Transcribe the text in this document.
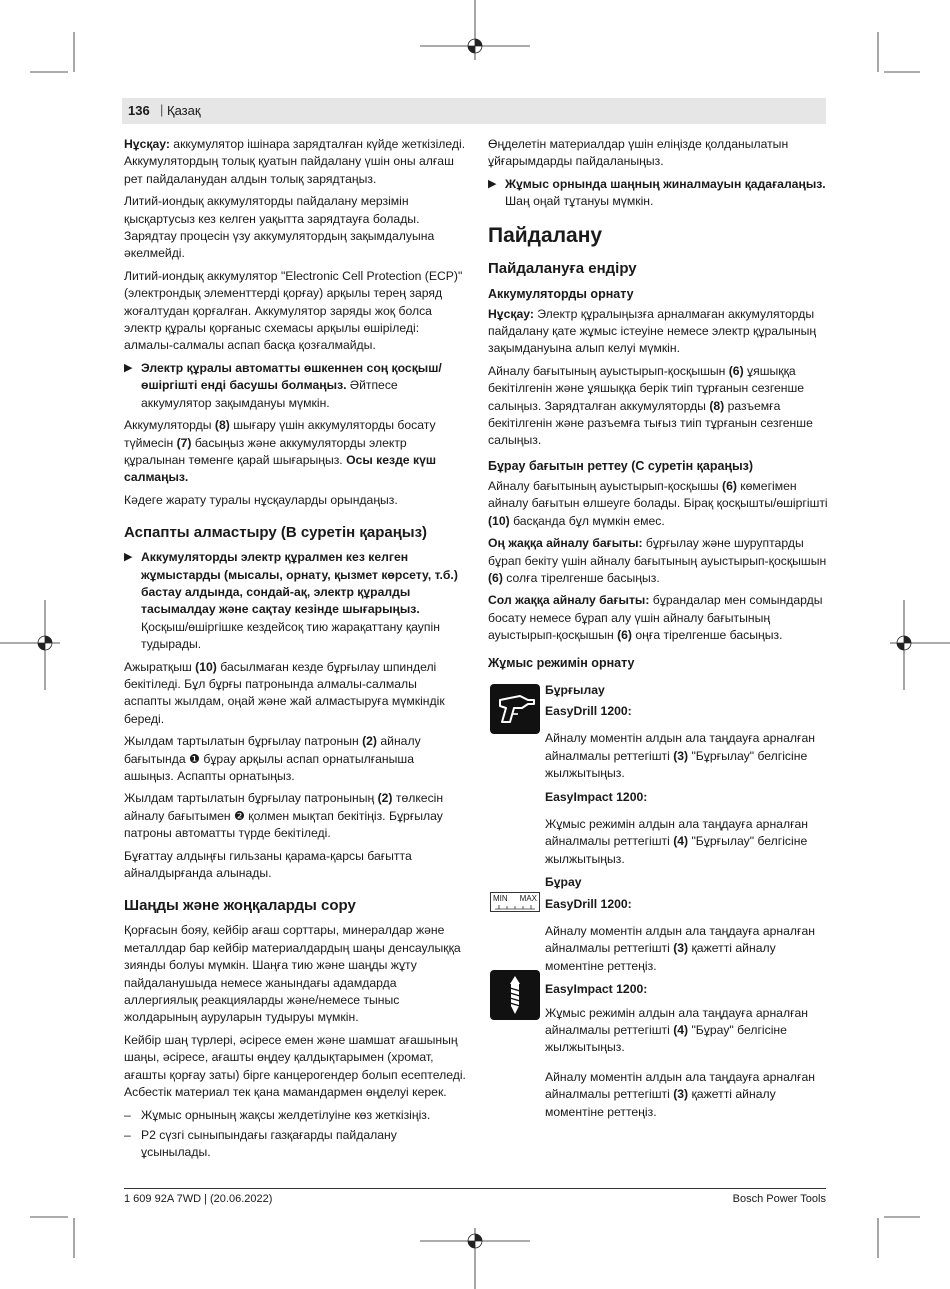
136 | Қазақ

Нұсқау: аккумулятор ішінара зарядталған күйде жеткізіледі. Аккумулятордың толық қуатын пайдалану үшін оны алғаш рет пайдаланудан алдын толық зарядтаңыз.

Литий-иондық аккумуляторды пайдалану мерзімін қысқартусыз кез келген уақытта зарядтауға болады. Зарядтау процесін үзу аккумулятордың зақымдалуына әкелмейді.

Литий-иондық аккумулятор "Electronic Cell Protection (ECP)" (электрондық элементтерді қорғау) арқылы терең заряд жоғалтудан қорғалған. Аккумулятор заряды жоқ болса электр құралы қорғаныс схемасы арқылы өшіріледі: алмалы-салмалы аспап басқа қозғалмайды.

▶ Электр құралы автоматты өшкеннен соң қосқыш/өшіргішті енді басушы болмаңыз. Әйтпесе аккумулятор зақымдануы мүмкін.

Аккумуляторды (8) шығару үшін аккумуляторды босату түймесін (7) басыңыз және аккумуляторды электр құралынан төменге қарай шығарыңыз. Осы кезде күш салмаңыз.

Кәдеге жарату туралы нұсқауларды орындаңыз.

Аспапты алмастыру (B суретін қараңыз)
▶ Аккумуляторды электр құралмен кез келген жұмыстарды (мысалы, орнату, қызмет көрсету, т.б.) бастау алдында, сондай-ақ, электр құралды тасымалдау және сақтау кезінде шығарыңыз. Қосқыш/өшіргішке кездейсоқ тию жарақаттану қаупін тудырады.

Ажыратқыш (10) басылмаған кезде бұрғылау шпинделі бекітіледі. Бұл бұрғы патронында алмалы-салмалы аспапты жылдам, оңай және жай алмастыруға мүмкіндік береді.

Жылдам тартылатын бұрғылау патронын (2) айналу бағытында ❶ бұрау арқылы аспап орнатылғаныша ашыңыз. Аспапты орнатыңыз.

Жылдам тартылатын бұрғылау патронының (2) төлкесін айналу бағытымен ❷ қолмен мықтап бекітіңіз. Бұрғылау патроны автоматты түрде бекітіледі.

Бұғаттау алдыңғы гильзаны қарама-қарсы бағытта айналдырғанда алынады.

Шаңды және жоңқаларды сору

Қорғасын бояу, кейбір ағаш сорттары, минералдар және металлдар бар кейбір материалдардың шаңы денсаулыққа зиянды болуы мүмкін. Шаңға тию және шаңды жұту пайдаланушыда немесе жанындағы адамдарда аллергиялық реакцияларды және/немесе тыныс жолдарының ауруларын тудыруы мүмкін.

Кейбір шаң түрлері, әсіресе емен және шамшат ағашының шаңы, әсіресе, ағашты өңдеу қалдықтарымен (хромат, ағашты қорғау заты) бірге канцерогендер болып есептеледі. Асбестік материал тек қана мамандармен өңделуі керек.

– Жұмыс орнының жақсы желдетілуіне көз жеткізіңіз.
– Р2 сүзгі сыныпындағы газқағарды пайдалану ұсынылады.

Өңделетін материалдар үшін еліңізде қолданылатын ұйғарымдарды пайдаланыңыз.

▶ Жұмыс орнында шаңның жиналмауын қадағалаңыз. Шаң оңай тұтануы мүмкін.
Пайдалану
Пайдалануға ендіру
Аккумуляторды орнату

Нұсқау: Электр құралыңызға арналмаған аккумуляторды пайдалану қате жұмыс істеуіне немесе электр құралының зақымдануына алып келуі мүмкін.

Айналу бағытының ауыстырып-қосқышын (6) ұяшыққа бекітілгенін және ұяшыққа берік тиіп тұрғанын сезгенше салыңыз. Зарядталған аккумуляторды (8) разъемға бекітілгенін және разъемға тығыз тиіп тұрғанын сезгенше салыңыз.

Бұрау бағытын реттеу (C суретін қараңыз)

Айналу бағытының ауыстырып-қосқышы (6) көмегімен айналу бағытын өлшеуге болады. Бірақ қосқышты/өшіргішті (10) басқанда бұл мүмкін емес.

Оң жаққа айналу бағыты: бұрғылау және шуруптарды бұрап бекіту үшін айналу бағытының ауыстырып-қосқышын (6) солға тірелгенше басыңыз.

Сол жаққа айналу бағыты: бұрандалар мен сомындарды босату немесе бұрап алу үшін айналу бағытының ауыстырып-қосқышын (6) оңға тірелгенше басыңыз.

Жұмыс режимін орнату
Бұрғылау
EasyDrill 1200:
Айналу моментін алдын ала таңдауға арналған айналмалы реттегішті (3) "Бұрғылау" белгісіне жылжытыңыз.
EasyImpact 1200:
Жұмыс режимін алдын ала таңдауға арналған айналмалы реттегішті (4) "Бұрғылау" белгісіне жылжытыңыз.
MIN MAX
Бұрау
EasyDrill 1200:
Айналу моментін алдын ала таңдауға арналған айналмалы реттегішті (3) қажетті айналу моментіне реттеңіз.
EasyImpact 1200:
Жұмыс режимін алдын ала таңдауға арналған айналмалы реттегішті (4) "Бұрау" белгісіне жылжытыңыз.
Айналу моментін алдын ала таңдауға арналған айналмалы реттегішті (3) қажетті айналу моментіне реттеңіз.
1 609 92A 7WD | (20.06.2022)	Bosch Power Tools
